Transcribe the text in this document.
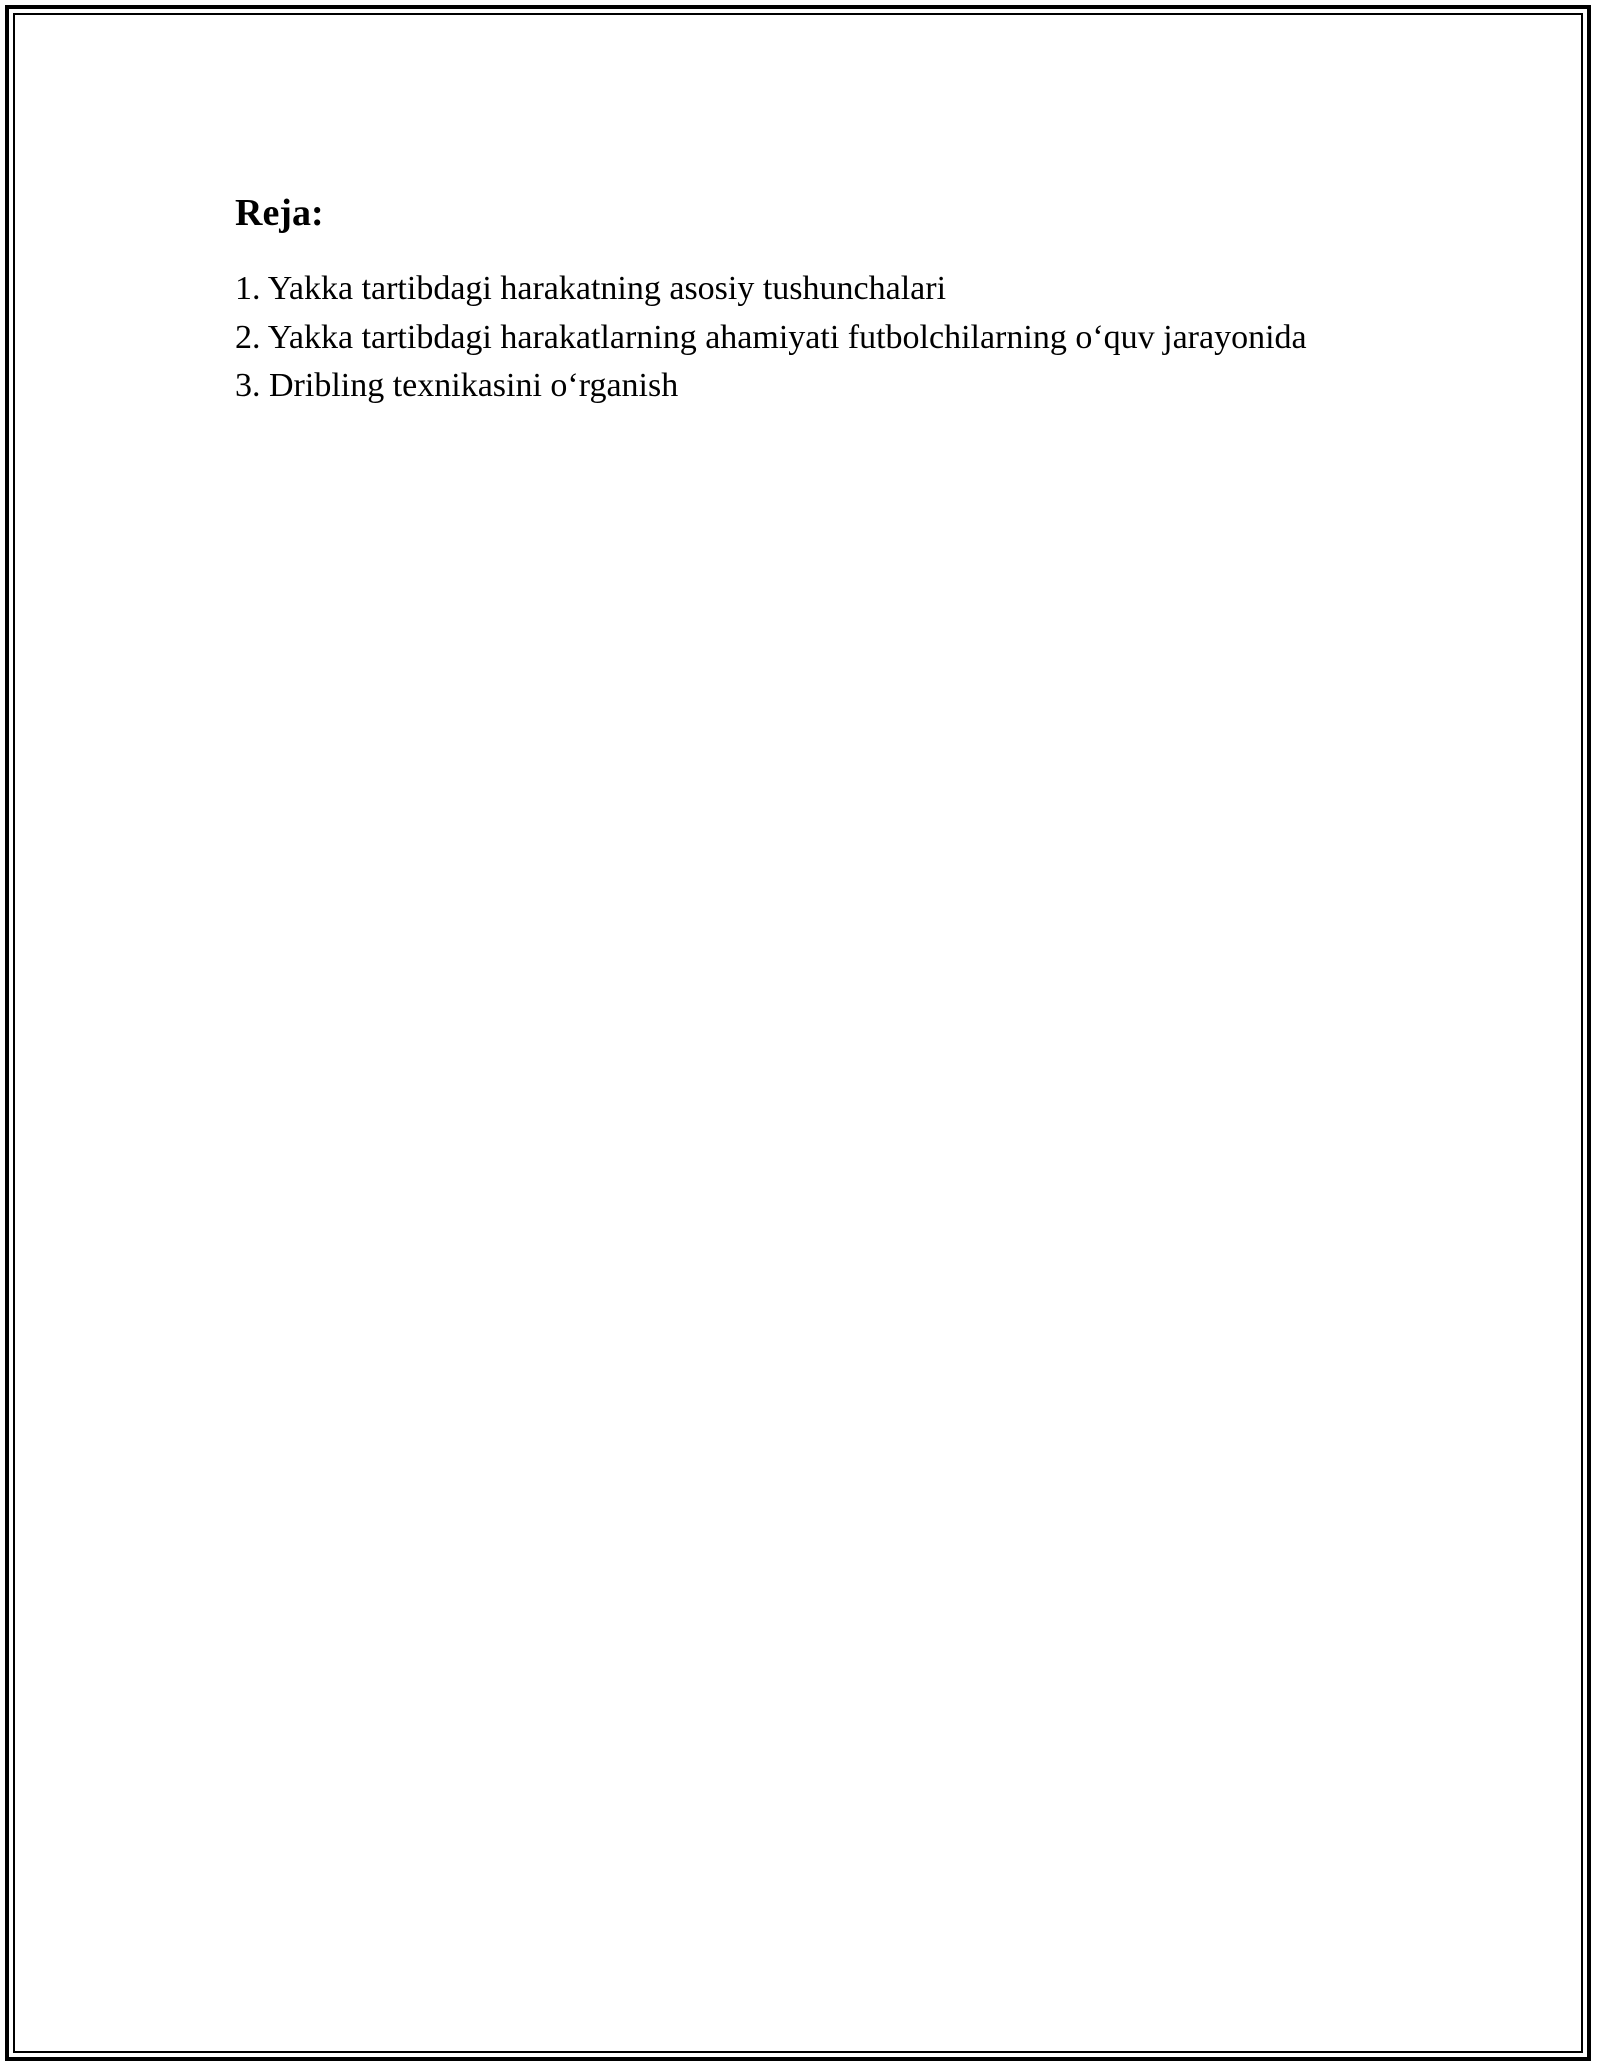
Reja:
1. Yakka tartibdagi harakatning asosiy tushunchalari
2. Yakka tartibdagi harakatlarning ahamiyati futbolchilarning o‘quv jarayonida
3. Dribling texnikasini o‘rganish
